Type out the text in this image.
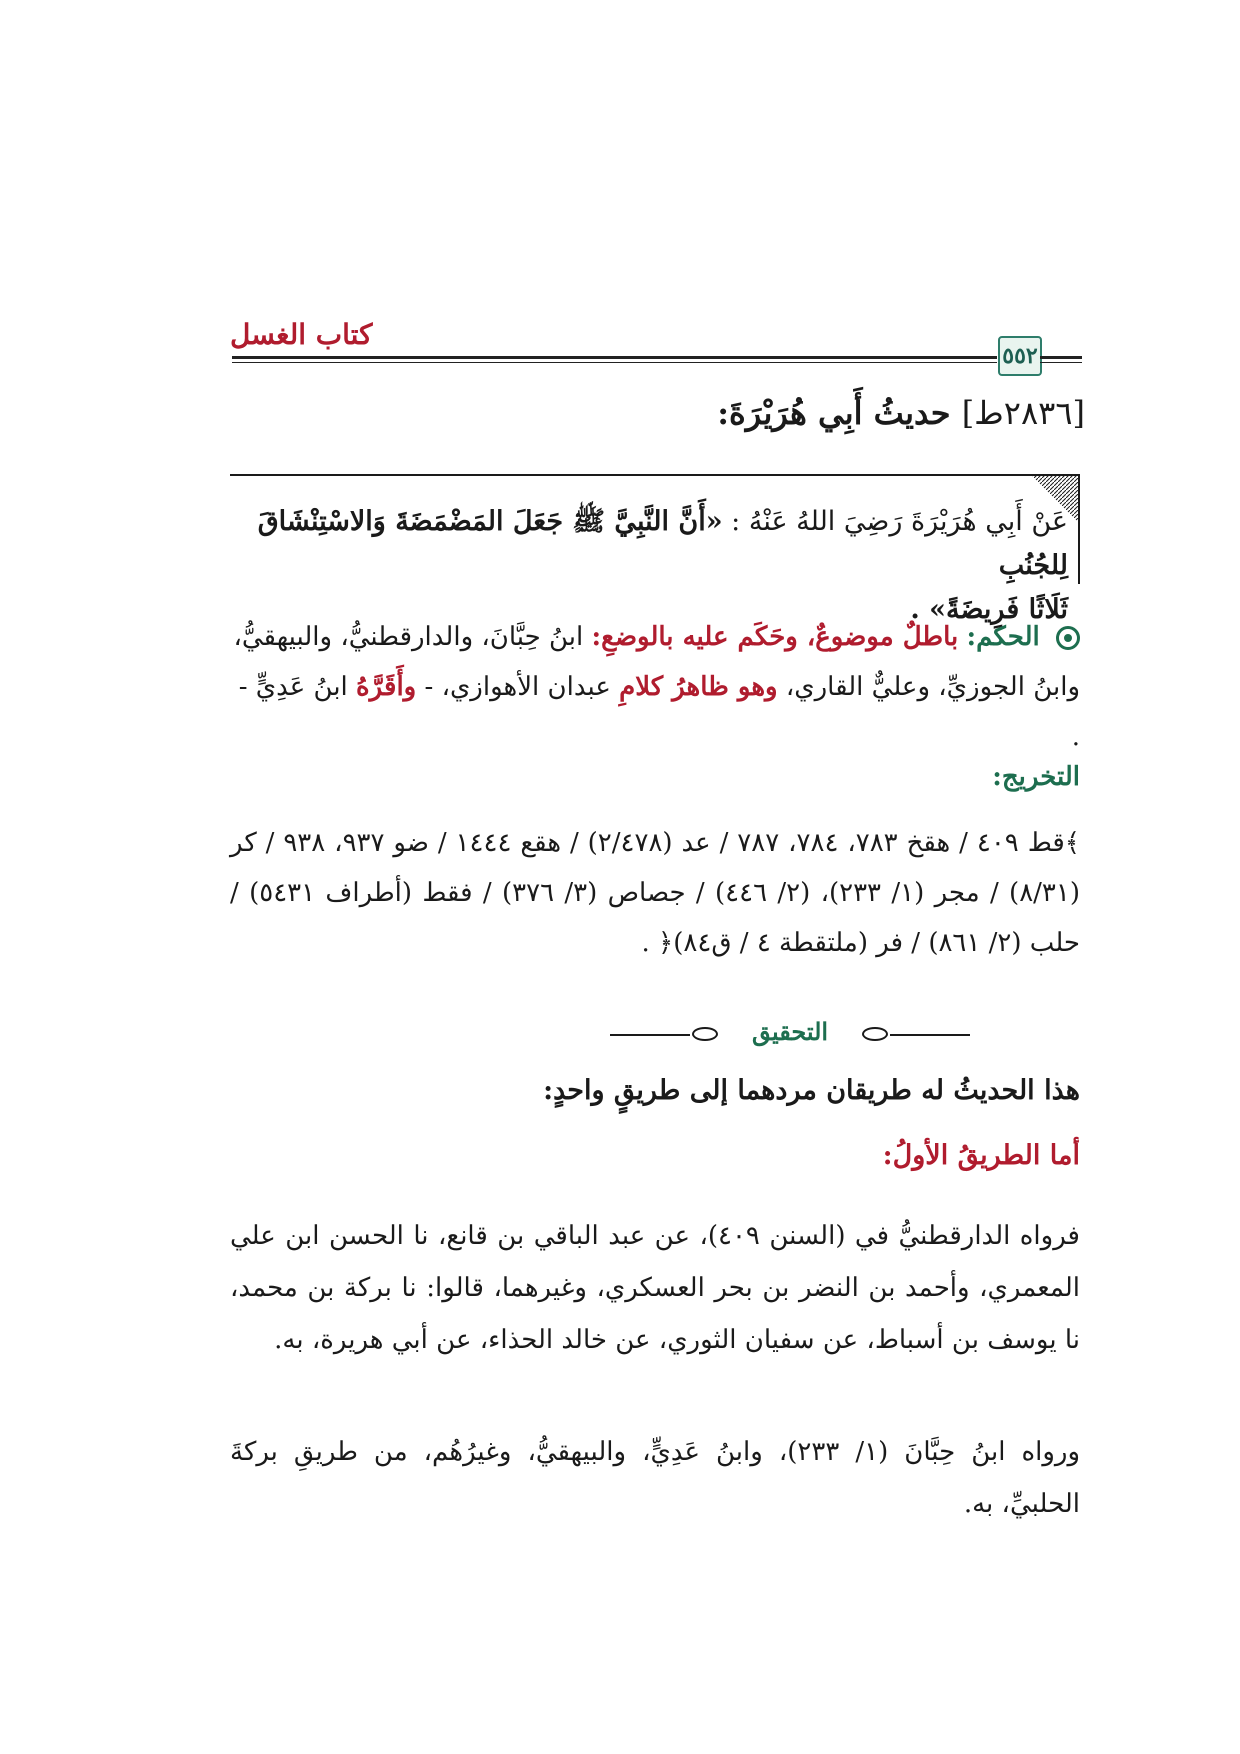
كتاب الغسل
٥٥٢
[٢٨٣٦ط] حديثُ أَبِي هُرَيْرَةَ:
عَنْ أَبِي هُرَيْرَةَ رَضِيَ اللهُ عَنْهُ : «أَنَّ النَّبِيَّ ﷺ جَعَلَ المَضْمَضَةَ وَالاسْتِنْشَاقَ لِلجُنُبِ
ثَلَاثًا فَرِيضَةً» .
الحكم: باطلٌ موضوعٌ، وحَكَم عليه بالوضعِ: ابنُ حِبَّانَ، والدارقطنيُّ، والبيهقيُّ، وابنُ الجوزيِّ، وعليٌّ القاري، وهو ظاهرُ كلامِ عبدان الأهوازي، - وأَقَرَّهُ ابنُ عَدِيٍّ - .
التخريج:
﴾قط ٤٠٩ / هقخ ٧٨٣، ٧٨٤، ٧٨٧ / عد (٢/٤٧٨) / هقع ١٤٤٤ / ضو ٩٣٧، ٩٣٨ / كر (٨/٣١) / مجر (١/ ٢٣٣)، (٢/ ٤٤٦) / جصاص (٣/ ٣٧٦) / فقط (أطراف ٥٤٣١) / حلب (٢/ ٨٦١) / فر (ملتقطة ٤ / ق٨٤)﴿ .
التحقيق
هذا الحديثُ له طريقان مردهما إلى طريقٍ واحدٍ:
أما الطريقُ الأولُ:
فرواه الدارقطنيُّ في (السنن ٤٠٩)، عن عبد الباقي بن قانع، نا الحسن ابن علي المعمري، وأحمد بن النضر بن بحر العسكري، وغيرهما، قالوا: نا بركة بن محمد، نا يوسف بن أسباط، عن سفيان الثوري، عن خالد الحذاء، عن أبي هريرة، به.
ورواه ابنُ حِبَّانَ (١/ ٢٣٣)، وابنُ عَدِيٍّ، والبيهقيُّ، وغيرُهُم، من طريقِ بركةَ الحلبيِّ، به.
